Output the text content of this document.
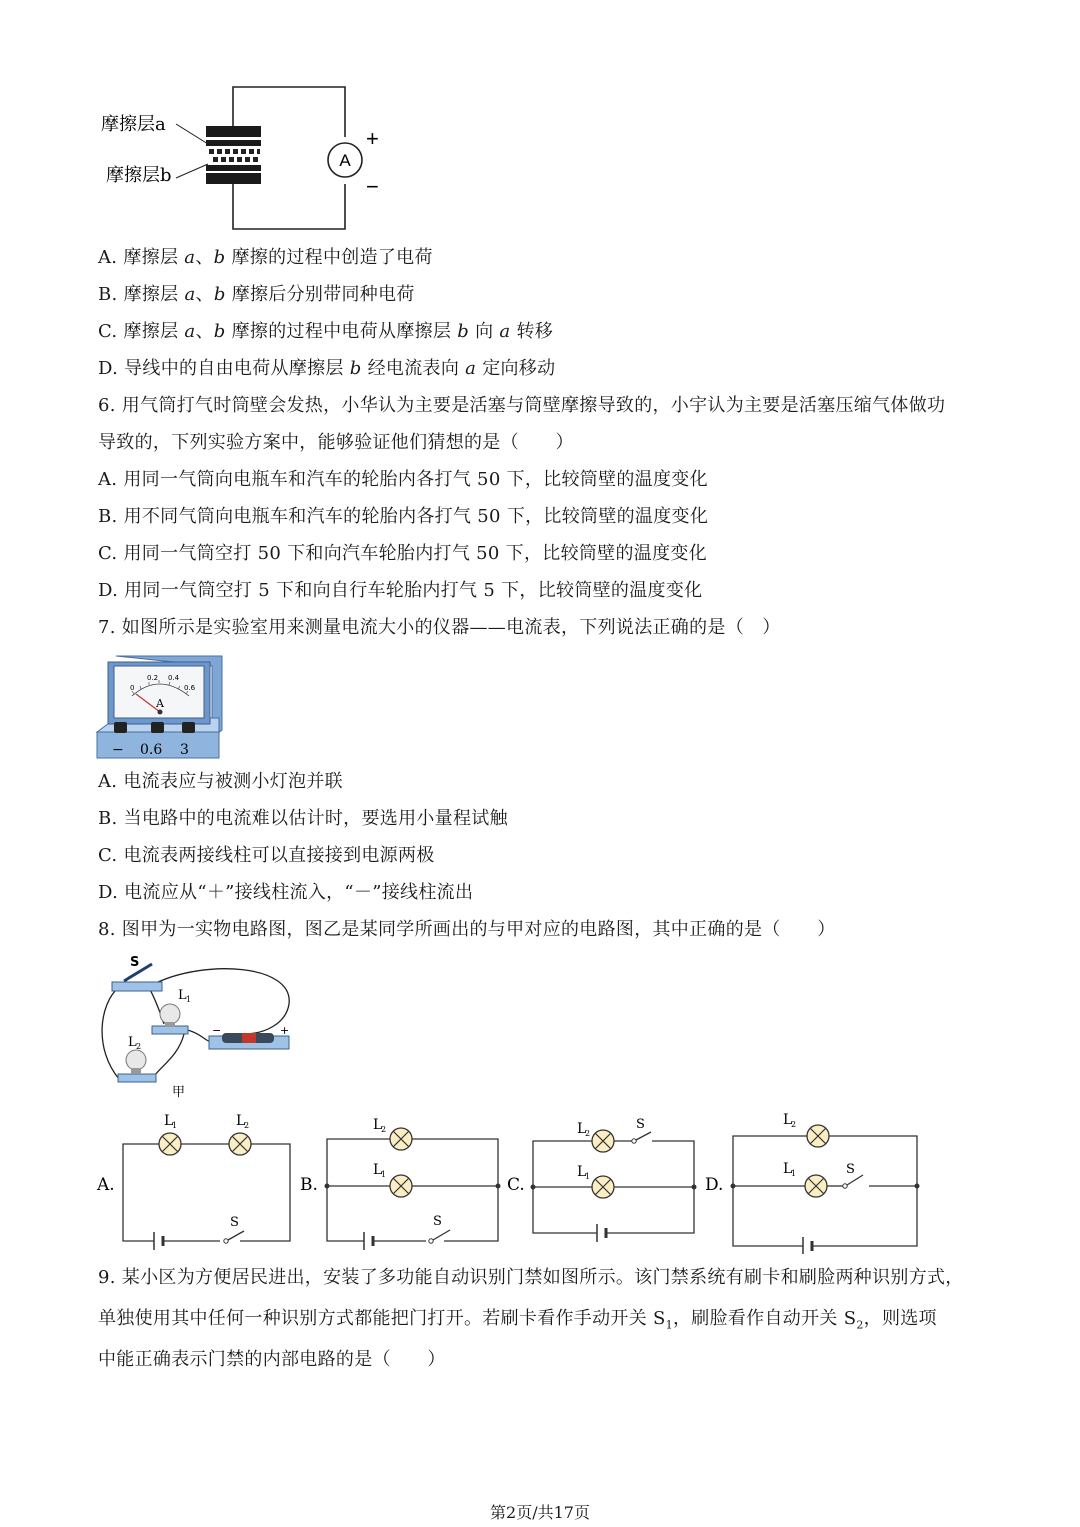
A
+
−
摩擦层a
摩擦层b
A. 摩擦层 a、b 摩擦的过程中创造了电荷
B. 摩擦层 a、b 摩擦后分别带同种电荷
C. 摩擦层 a、b 摩擦的过程中电荷从摩擦层 b 向 a 转移
D. 导线中的自由电荷从摩擦层 b 经电流表向 a 定向移动
6. 用气筒打气时筒壁会发热，小华认为主要是活塞与筒壁摩擦导致的，小宇认为主要是活塞压缩气体做功
导致的，下列实验方案中，能够验证他们猜想的是（　　）
A. 用同一气筒向电瓶车和汽车的轮胎内各打气 50 下，比较筒壁的温度变化
B. 用不同气筒向电瓶车和汽车的轮胎内各打气 50 下，比较筒壁的温度变化
C. 用同一气筒空打 50 下和向汽车轮胎内打气 50 下，比较筒壁的温度变化
D. 用同一气筒空打 5 下和向自行车轮胎内打气 5 下，比较筒壁的温度变化
7. 如图所示是实验室用来测量电流大小的仪器——电流表，下列说法正确的是（　）
0
0.2 0.4
0.6
A
− 0.6 3
A. 电流表应与被测小灯泡并联
B. 当电路中的电流难以估计时，要选用小量程试触
C. 电流表两接线柱可以直接接到电源两极
D. 电流应从“＋”接线柱流入，“－”接线柱流出
8. 图甲为一实物电路图，图乙是某同学所画出的与甲对应的电路图，其中正确的是（　　）
S
L 1
−	+
L 2
甲
A.
L
1	L
2
S
B.
L
2
L
1
S
C.
L
2
L
1
S
D.
L
2
L
1	S
9. 某小区为方便居民进出，安装了多功能自动识别门禁如图所示。该门禁系统有刷卡和刷脸两种识别方式，
单独使用其中任何一种识别方式都能把门打开。若刷卡看作手动开关 $S_1$，刷脸看作自动开关 $S_2$，则选项
中能正确表示门禁的内部电路的是（　　）
第2页/共17页
